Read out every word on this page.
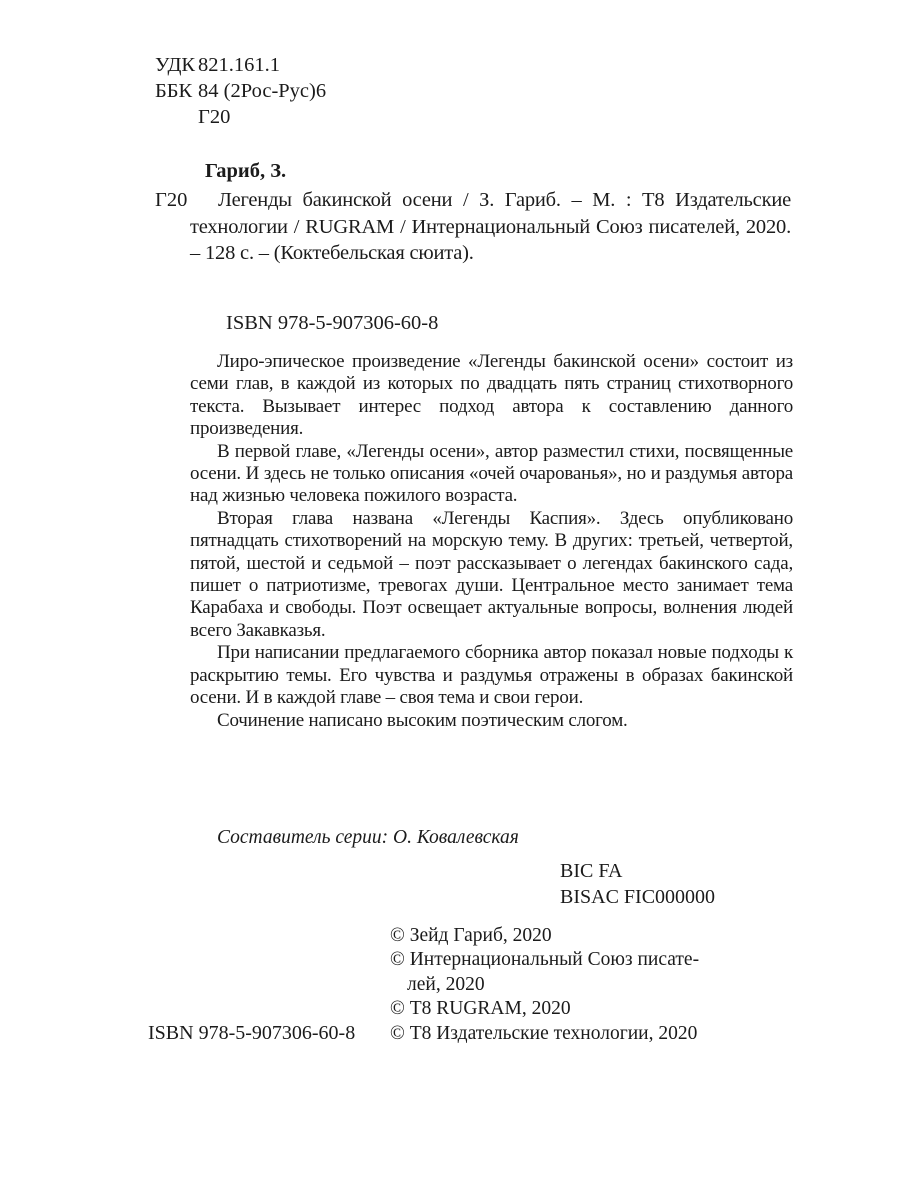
УДК 821.161.1
ББК 84 (2Рос-Рус)6
Г20
Гариб, З.
Г20	Легенды бакинской осени / З. Гариб. – М. : Т8 Издательские технологии / RUGRAM / Интернациональный Союз писателей, 2020. – 128 с. – (Коктебельская сюита).
ISBN 978-5-907306-60-8

Лиро-эпическое произведение «Легенды бакинской осени» состоит из семи глав, в каждой из которых по двадцать пять страниц стихотворного текста. Вызывает интерес подход автора к составлению данного произведения.

В первой главе, «Легенды осени», автор разместил стихи, посвященные осени. И здесь не только описания «очей очарованья», но и раздумья автора над жизнью человека пожилого возраста.

Вторая глава названа «Легенды Каспия». Здесь опубликовано пятнадцать стихотворений на морскую тему. В других: третьей, четвертой, пятой, шестой и седьмой – поэт рассказывает о легендах бакинского сада, пишет о патриотизме, тревогах души. Центральное место занимает тема Карабаха и свободы. Поэт освещает актуальные вопросы, волнения людей всего Закавказья.

При написании предлагаемого сборника автор показал новые подходы к раскрытию темы. Его чувства и раздумья отражены в образах бакинской осени. И в каждой главе – своя тема и свои герои.

Сочинение написано высоким поэтическим слогом.

Составитель серии: О. Ковалевская
BIC FA
BISAC FIC000000
© Зейд Гариб, 2020
© Интернациональный Союз писате-
лей, 2020
© Т8 RUGRAM, 2020
© Т8 Издательские технологии, 2020
ISBN 978-5-907306-60-8
